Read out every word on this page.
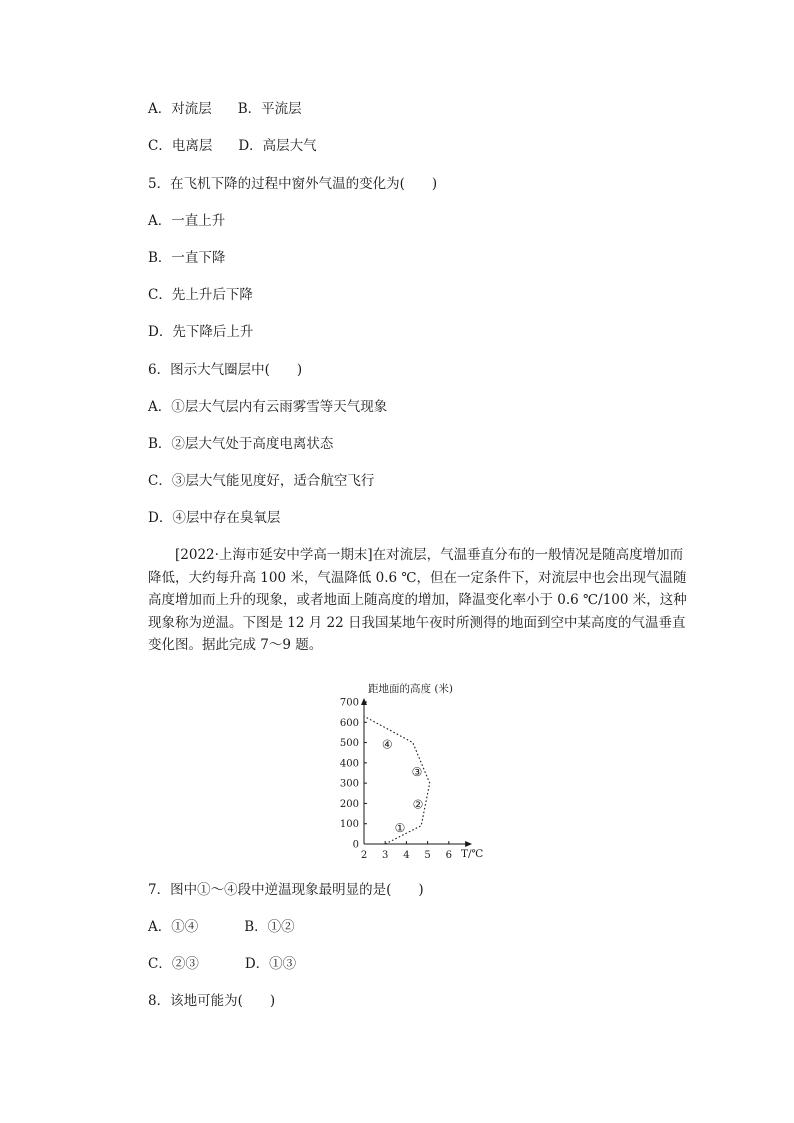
A．对流层 B．平流层
C．电离层 D．高层大气
5．在飞机下降的过程中窗外气温的变化为(　　)
A．一直上升
B．一直下降
C．先上升后下降
D．先下降后上升
6．图示大气圈层中(　　)
A．①层大气层内有云雨雾雪等天气现象
B．②层大气处于高度电离状态
C．③层大气能见度好，适合航空飞行
D．④层中存在臭氧层
[2022·上海市延安中学高一期末]在对流层，气温垂直分布的一般情况是随高度增加而降低，大约每升高 100 米，气温降低 0.6 ℃，但在一定条件下，对流层中也会出现气温随高度增加而上升的现象，或者地面上随高度的增加，降温变化率小于 0.6 ℃/100 米，这种现象称为逆温。下图是 12 月 22 日我国某地午夜时所测得的地面到空中某高度的气温垂直变化图。据此完成 7～9 题。
0
100
200
300
400
500
600
700
2 3 4 5 6
①
②
③
④
距地面的高度 (米)
T/℃
7．图中①～④段中逆温现象最明显的是(　　)
A．①④	B．①②
C．②③	D．①③
8．该地可能为(　　)
